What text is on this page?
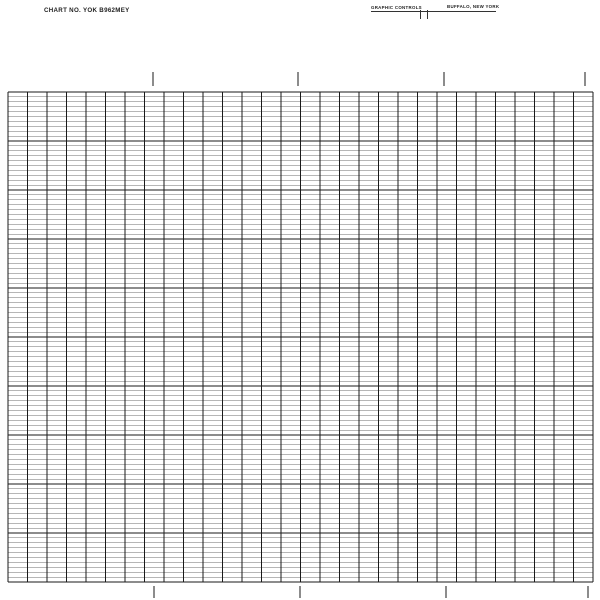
CHART NO. YOK B962MEY	GRAPHIC CONTROLS	BUFFALO, NEW YORK
